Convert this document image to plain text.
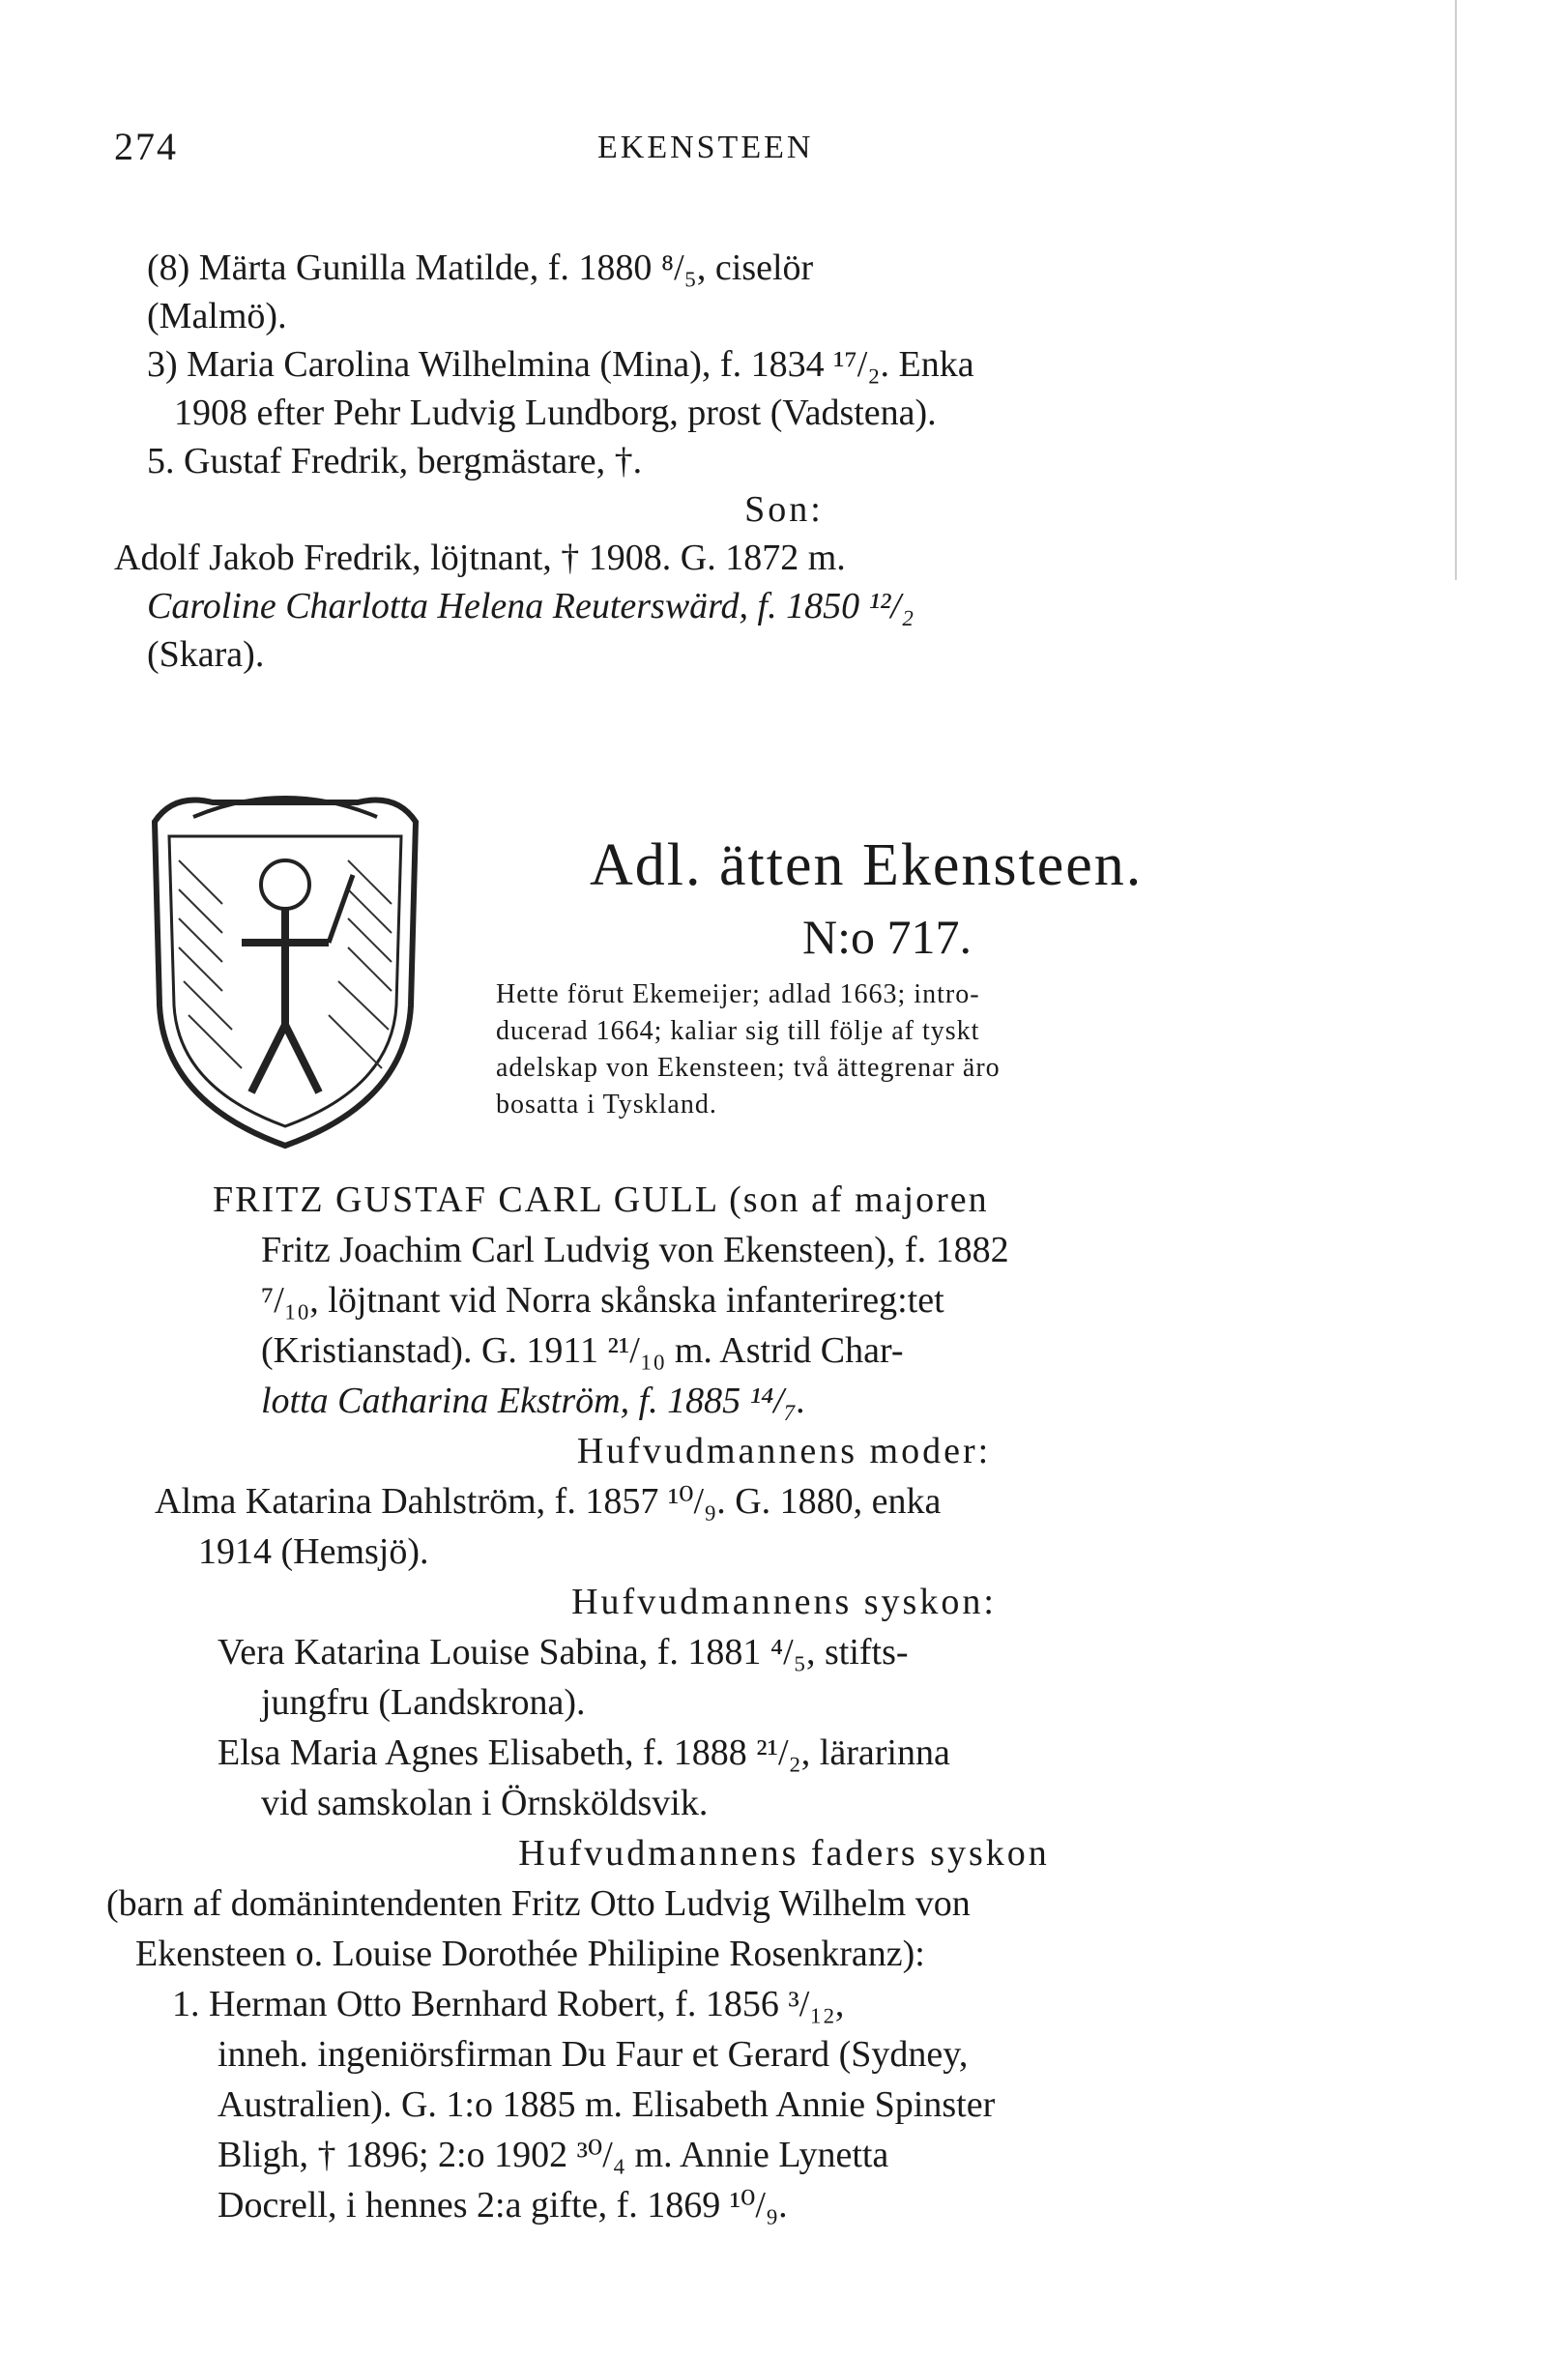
274	EKENSTEEN
(8) Märta Gunilla Matilde, f. 1880 ⁸/₅, ciselör
(Malmö).
3) Maria Carolina Wilhelmina (Mina), f. 1834 ¹⁷/₂. Enka
1908 efter Pehr Ludvig Lundborg, prost (Vadstena).
5. Gustaf Fredrik, bergmästare, †.
Son:
Adolf Jakob Fredrik, löjtnant, † 1908. G. 1872 m.
Caroline Charlotta Helena Reuterswärd, f. 1850 ¹²/₂
(Skara).
Adl. ätten Ekensteen.
N:o 717.
Hette förut Ekemeijer; adlad 1663; intro-
ducerad 1664; kaliar sig till följe af tyskt
adelskap von Ekensteen; två ättegrenar äro
bosatta i Tyskland.
FRITZ GUSTAF CARL GULL (son af majoren
Fritz Joachim Carl Ludvig von Ekensteen), f. 1882
⁷/₁₀, löjtnant vid Norra skånska infanterireg:tet
(Kristianstad). G. 1911 ²¹/₁₀ m. Astrid Char-
lotta Catharina Ekström, f. 1885 ¹⁴/₇.
Hufvudmannens moder:
Alma Katarina Dahlström, f. 1857 ¹⁰/₉. G. 1880, enka
1914 (Hemsjö).
Hufvudmannens syskon:
Vera Katarina Louise Sabina, f. 1881 ⁴/₅, stifts-
jungfru (Landskrona).
Elsa Maria Agnes Elisabeth, f. 1888 ²¹/₂, lärarinna
vid samskolan i Örnsköldsvik.
Hufvudmannens faders syskon
(barn af domänintendenten Fritz Otto Ludvig Wilhelm von
Ekensteen o. Louise Dorothée Philipine Rosenkranz):
1. Herman Otto Bernhard Robert, f. 1856 ³/₁₂,
inneh. ingeniörsfirman Du Faur et Gerard (Sydney,
Australien). G. 1:o 1885 m. Elisabeth Annie Spinster
Bligh, † 1896; 2:o 1902 ³⁰/₄ m. Annie Lynetta
Docrell, i hennes 2:a gifte, f. 1869 ¹⁰/₉.
